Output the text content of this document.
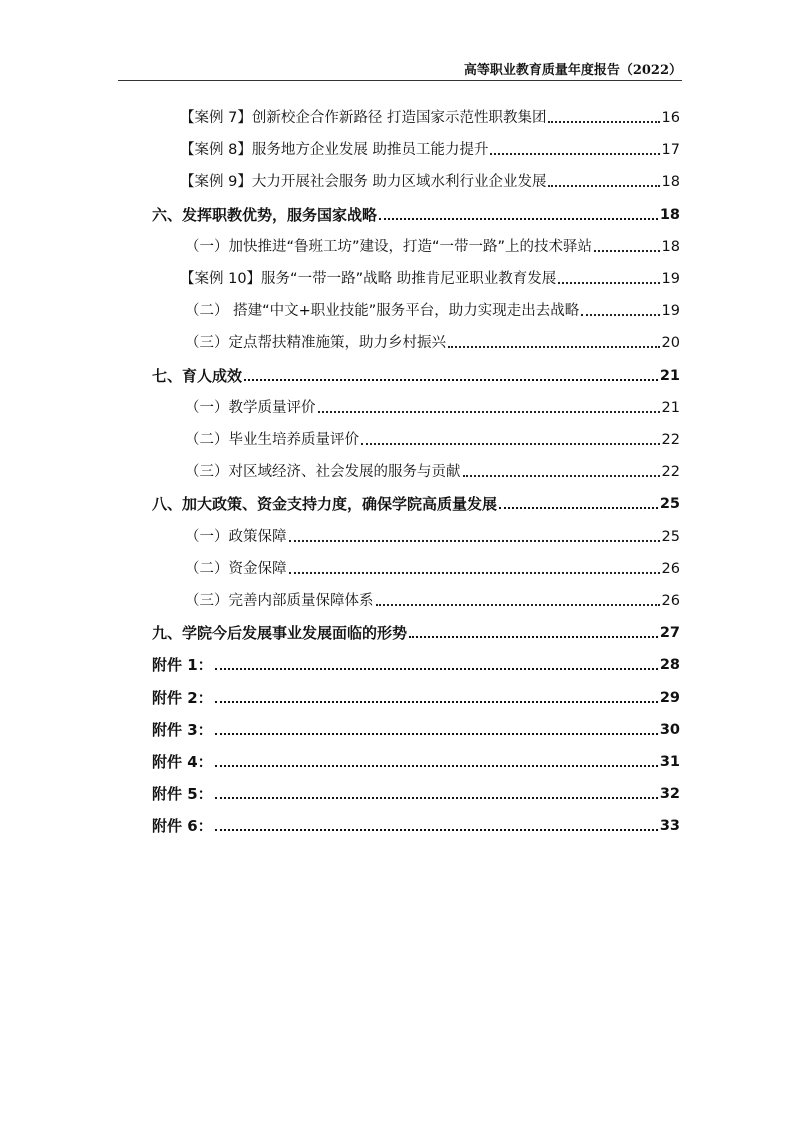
高等职业教育质量年度报告（2022）
【案例 7】创新校企合作新路径 打造国家示范性职教集团	16
【案例 8】服务地方企业发展 助推员工能力提升	17
【案例 9】大力开展社会服务 助力区域水利行业企业发展	18
六、发挥职教优势，服务国家战略	18
（一）加快推进“鲁班工坊”建设，打造“一带一路”上的技术驿站	18
【案例 10】服务“一带一路”战略 助推肯尼亚职业教育发展	19
（二） 搭建“中文+职业技能”服务平台，助力实现走出去战略	19
（三）定点帮扶精准施策，助力乡村振兴	20
七、育人成效	21
（一）教学质量评价	21
（二）毕业生培养质量评价	22
（三）对区域经济、社会发展的服务与贡献	22
八、加大政策、资金支持力度，确保学院高质量发展	25
（一）政策保障	25
（二）资金保障	26
（三）完善内部质量保障体系	26
九、学院今后发展事业发展面临的形势	27
附件 1：	28
附件 2：	29
附件 3：	30
附件 4：	31
附件 5：	32
附件 6：	33
